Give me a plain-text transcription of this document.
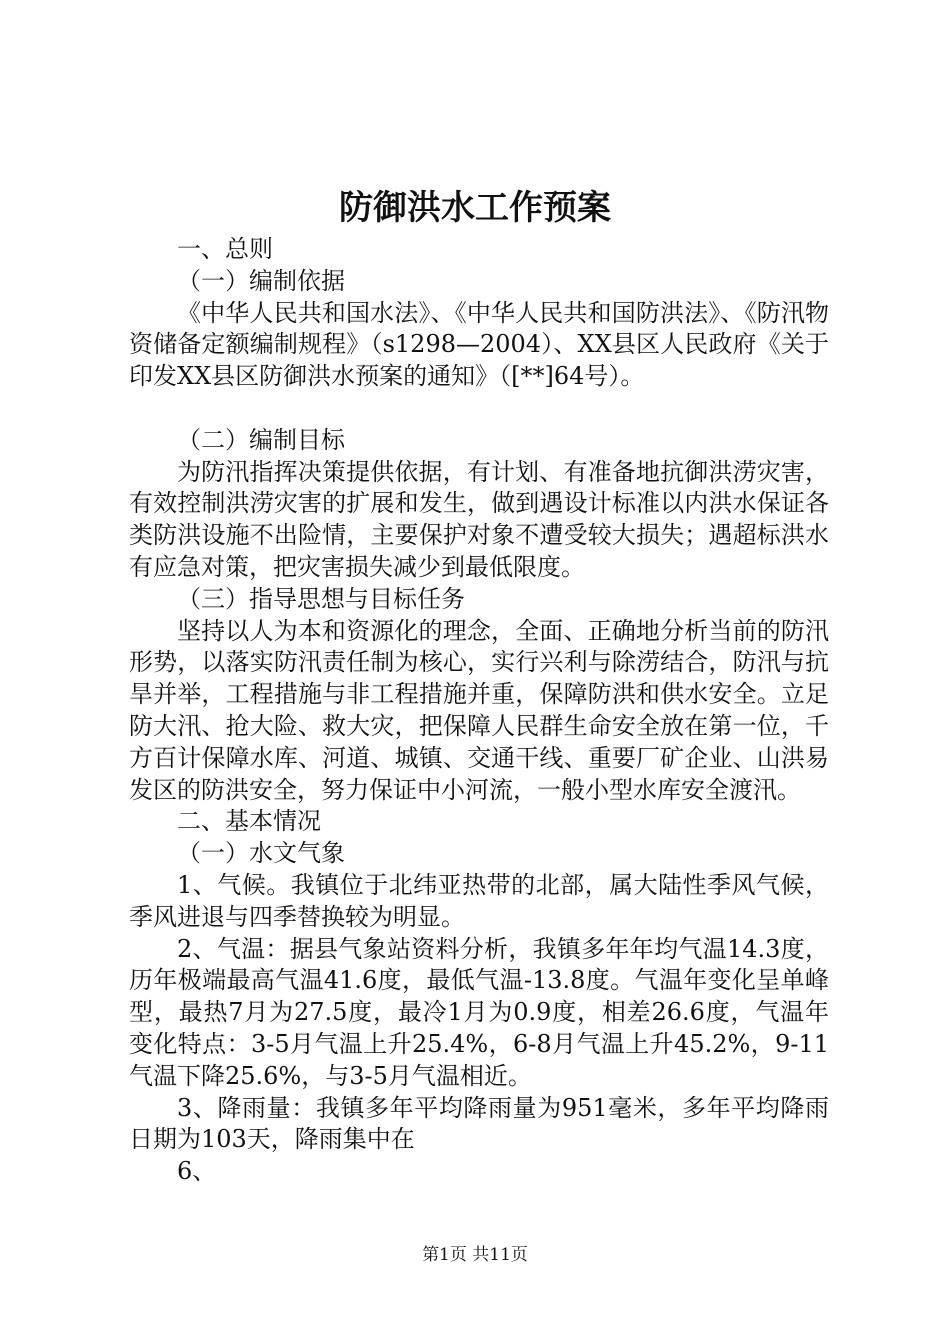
防御洪水工作预案

一、总则

（一）编制依据

《中华人民共和国水法》、《中华人民共和国防洪法》、《防汛物资储备定额编制规程》（s1298—2004）、XX县区人民政府《关于印发XX县区防御洪水预案的通知》（[**]64号）。

（二）编制目标

为防汛指挥决策提供依据，有计划、有准备地抗御洪涝灾害，有效控制洪涝灾害的扩展和发生，做到遇设计标准以内洪水保证各类防洪设施不出险情，主要保护对象不遭受较大损失；遇超标洪水有应急对策，把灾害损失减少到最低限度。

（三）指导思想与目标任务

坚持以人为本和资源化的理念，全面、正确地分析当前的防汛形势，以落实防汛责任制为核心，实行兴利与除涝结合，防汛与抗旱并举，工程措施与非工程措施并重，保障防洪和供水安全。立足防大汛、抢大险、救大灾，把保障人民群生命安全放在第一位，千方百计保障水库、河道、城镇、交通干线、重要厂矿企业、山洪易发区的防洪安全，努力保证中小河流，一般小型水库安全渡汛。

二、基本情况

（一）水文气象

1、气候。我镇位于北纬亚热带的北部，属大陆性季风气候，季风进退与四季替换较为明显。

2、气温：据县气象站资料分析，我镇多年年均气温14.3度，历年极端最高气温41.6度，最低气温-13.8度。气温年变化呈单峰型，最热7月为27.5度，最冷1月为0.9度，相差26.6度，气温年变化特点：3-5月气温上升25.4%，6-8月气温上升45.2%，9-11气温下降25.6%，与3-5月气温相近。

3、降雨量：我镇多年平均降雨量为951毫米，多年平均降雨日期为103天，降雨集中在

6、

第1页 共11页
